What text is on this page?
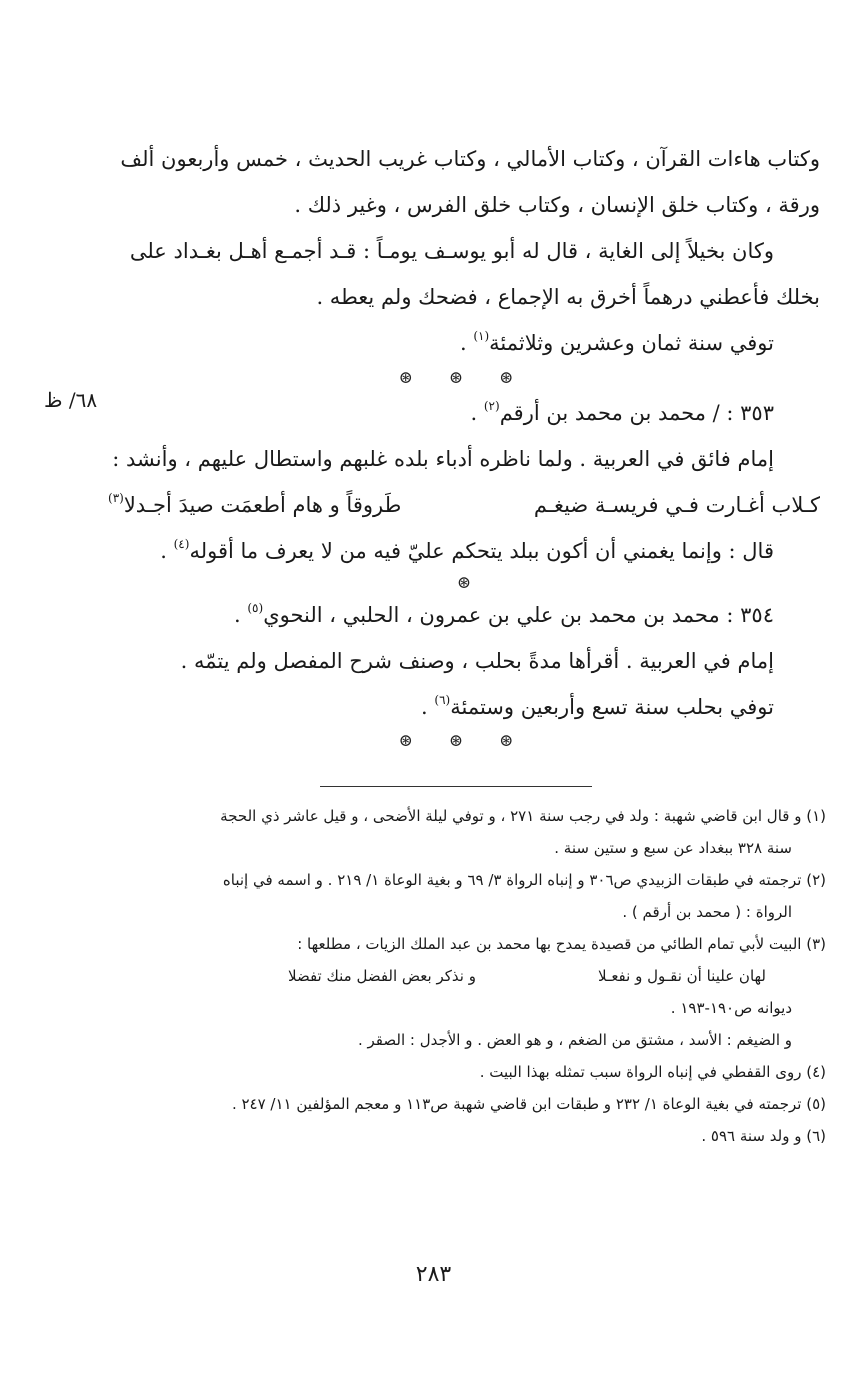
وكتاب هاءات القرآن ، وكتاب الأمالي ، وكتاب غريب الحديث ، خمس وأربعون ألف

ورقة ، وكتاب خلق الإنسان ، وكتاب خلق الفرس ، وغير ذلك .

وكان بخيلاً إلى الغاية ، قال له أبو يوسـف يومـاً : قـد أجمـع أهـل بغـداد على

بخلك فأعطني درهماً أخرق به الإجماع ، فضحك ولم يعطه .

توفي سنة ثمان وعشرين وثلاثمئة$^{(١)}$ .

⊛ ⊛ ⊛

٣٥٣ : / محمد بن محمد بن أرقم$^{(٢)}$ .

إمام فائق في العربية . ولما ناظره أدباء بلده غلبهم واستطال عليهم ، وأنشد :

كـلاب أغـارت فـي فريسـة ضيغـم
طَروقاً و هام أطعمَت صيدَ أجـدلا$^{(٣)}$

قال : وإنما يغمني أن أكون ببلد يتحكم عليّ فيه من لا يعرف ما أقوله$^{(٤)}$ .

⊛

٣٥٤ : محمد بن محمد بن علي بن عمرون ، الحلبي ، النحوي$^{(٥)}$ .

إمام في العربية . أقرأها مدةً بحلب ، وصنف شرح المفصل ولم يتمّه .

توفي بحلب سنة تسع وأربعين وستمئة$^{(٦)}$ .

⊛ ⊛ ⊛
٦٨/ ظ

(١) و قال ابن قاضي شهبة : ولد في رجب سنة ٢٧١ ، و توفي ليلة الأضحى ، و قيل عاشر ذي الحجة

سنة ٣٢٨ ببغداد عن سبع و ستين سنة .

(٢) ترجمته في طبقات الزبيدي ص٣٠٦ و إنباه الرواة ٣/ ٦٩ و بغية الوعاة ١/ ٢١٩ . و اسمه في إنباه

الرواة : ( محمد بن أرقم ) .

(٣) البيت لأبي تمام الطائي من قصيدة يمدح بها محمد بن عبد الملك الزيات ، مطلعها :

لهان علينا أن نقـول و نفعـلا
و نذكر بعض الفضل منك تفضلا

ديوانه ص١٩٠-١٩٣ .

و الضيغم : الأسد ، مشتق من الضغم ، و هو العض . و الأجدل : الصقر .

(٤) روى القفطي في إنباه الرواة سبب تمثله بهذا البيت .

(٥) ترجمته في بغية الوعاة ١/ ٢٣٢ و طبقات ابن قاضي شهبة ص١١٣ و معجم المؤلفين ١١/ ٢٤٧ .

(٦) و ولد سنة ٥٩٦ .

٢٨٣
